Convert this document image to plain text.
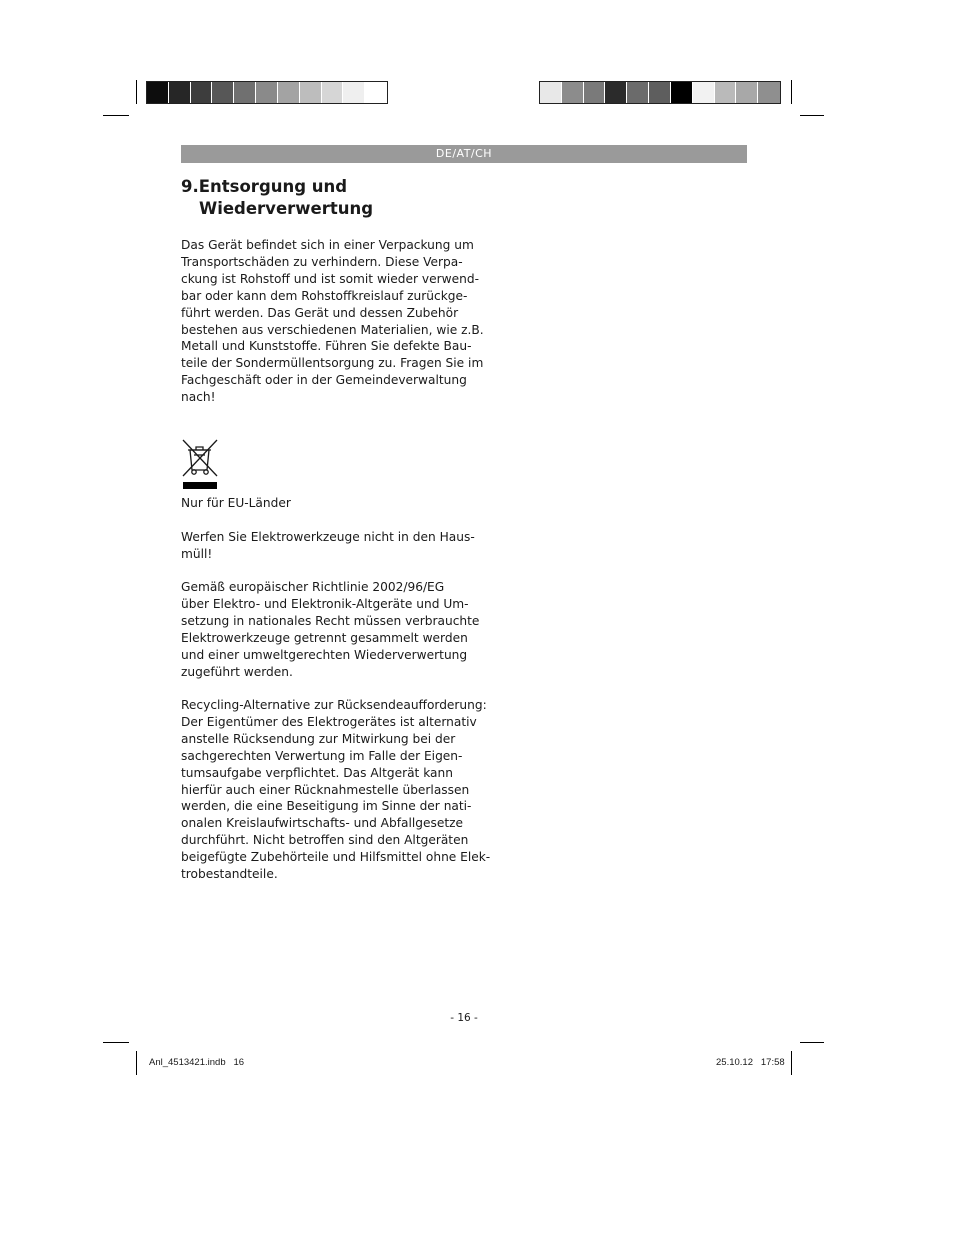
DE/AT/CH
9.Entsorgung und
Wiederverwertung

Das Gerät befindet sich in einer Verpackung um
Transportschäden zu verhindern. Diese Verpa-
ckung ist Rohstoff und ist somit wieder verwend-
bar oder kann dem Rohstoffkreislauf zurückge-
führt werden. Das Gerät und dessen Zubehör
bestehen aus verschiedenen Materialien, wie z.B.
Metall und Kunststoffe. Führen Sie defekte Bau-
teile der Sondermüllentsorgung zu. Fragen Sie im
Fachgeschäft oder in der Gemeindeverwaltung
nach!

Nur für EU-Länder

Werfen Sie Elektrowerkzeuge nicht in den Haus-
müll!

Gemäß europäischer Richtlinie 2002/96/EG
über Elektro- und Elektronik-Altgeräte und Um-
setzung in nationales Recht müssen verbrauchte
Elektrowerkzeuge getrennt gesammelt werden
und einer umweltgerechten Wiederverwertung
zugeführt werden.

Recycling-Alternative zur Rücksendeaufforderung:
Der Eigentümer des Elektrogerätes ist alternativ
anstelle Rücksendung zur Mitwirkung bei der
sachgerechten Verwertung im Falle der Eigen-
tumsaufgabe verpflichtet. Das Altgerät kann
hierfür auch einer Rücknahmestelle überlassen
werden, die eine Beseitigung im Sinne der nati-
onalen Kreislaufwirtschafts- und Abfallgesetze
durchführt. Nicht betroffen sind den Altgeräten
beigefügte Zubehörteile und Hilfsmittel ohne Elek-
trobestandteile.

- 16 -
Anl_4513421.indb   16	25.10.12   17:58
